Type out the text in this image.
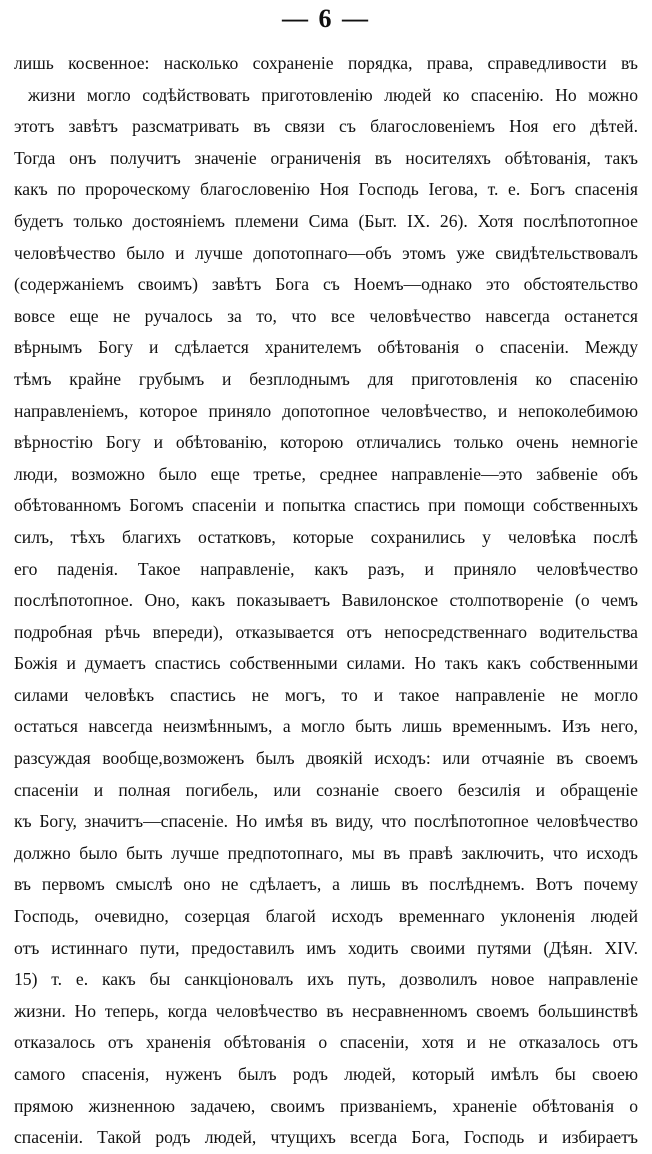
— 6 —
лишь косвенное: насколько сохраненіе порядка, права, справедливости въ
жизни могло содѣйствовать приготовленію людей ко спасенію. Но можно
этотъ завѣтъ разсматривать въ связи съ благословеніемъ Ноя его дѣтей.
Тогда онъ получитъ значеніе ограниченія въ носителяхъ обѣтованія, такъ
какъ по пророческому благословенію Ноя Господь Іегова, т. е. Богъ спасенія
будетъ только достояніемъ племени Сима (Быт. IX. 26). Хотя послѣпотопное
человѣчество было и лучше допотопнаго—объ этомъ уже свидѣтельствовалъ
(содержаніемъ своимъ) завѣтъ Бога съ Ноемъ—однако это обстоятельство
вовсе еще не ручалось за то, что все человѣчество навсегда останется
вѣрнымъ Богу и сдѣлается хранителемъ обѣтованія о спасеніи. Между
тѣмъ крайне грубымъ и безплоднымъ для приготовленія ко спасенію
направленіемъ, которое приняло допотопное человѣчество, и непоколебимою
вѣрностію Богу и обѣтованію, которою отличались только очень немногіе
люди, возможно было еще третье, среднее направленіе—это забвеніе объ
обѣтованномъ Богомъ спасеніи и попытка спастись при помощи собственныхъ
силъ, тѣхъ благихъ остатковъ, которые сохранились у человѣка послѣ
его паденія. Такое направленіе, какъ разъ, и приняло человѣчество
послѣпотопное. Оно, какъ показываетъ Вавилонское столпотвореніе (о чемъ
подробная рѣчь впереди), отказывается отъ непосредственнаго водительства
Божія и думаетъ спастись собственными силами. Но такъ какъ собственными
силами человѣкъ спастись не могъ, то и такое направленіе не могло
остаться навсегда неизмѣннымъ, а могло быть лишь временнымъ. Изъ него,
разсуждая вообще,возможенъ былъ двоякій исходъ: или отчаяніе въ своемъ
спасеніи и полная погибель, или сознаніе своего безсилія и обращеніе
къ Богу, значитъ—спасеніе. Но имѣя въ виду, что послѣпотопное человѣчество
должно было быть лучше предпотопнаго, мы въ правѣ заключить, что исходъ
въ первомъ смыслѣ оно не сдѣлаетъ, а лишь въ послѣднемъ. Вотъ почему
Господь, очевидно, созерцая благой исходъ временнаго уклоненія людей
отъ истиннаго пути, предоставилъ имъ ходить своими путями (Дѣян. XIV.
15) т. е. какъ бы санкціоновалъ ихъ путь, дозволилъ новое направленіе
жизни. Но теперь, когда человѣчество въ несравненномъ своемъ большинствѣ
отказалось отъ храненія обѣтованія о спасеніи, хотя и не отказалось отъ
самого спасенія, нуженъ былъ родъ людей, который имѣлъ бы своею
прямою жизненною задачею, своимъ призваніемъ, храненіе обѣтованія о
спасеніи. Такой родъ людей, чтущихъ всегда Бога, Господь и избираетъ
